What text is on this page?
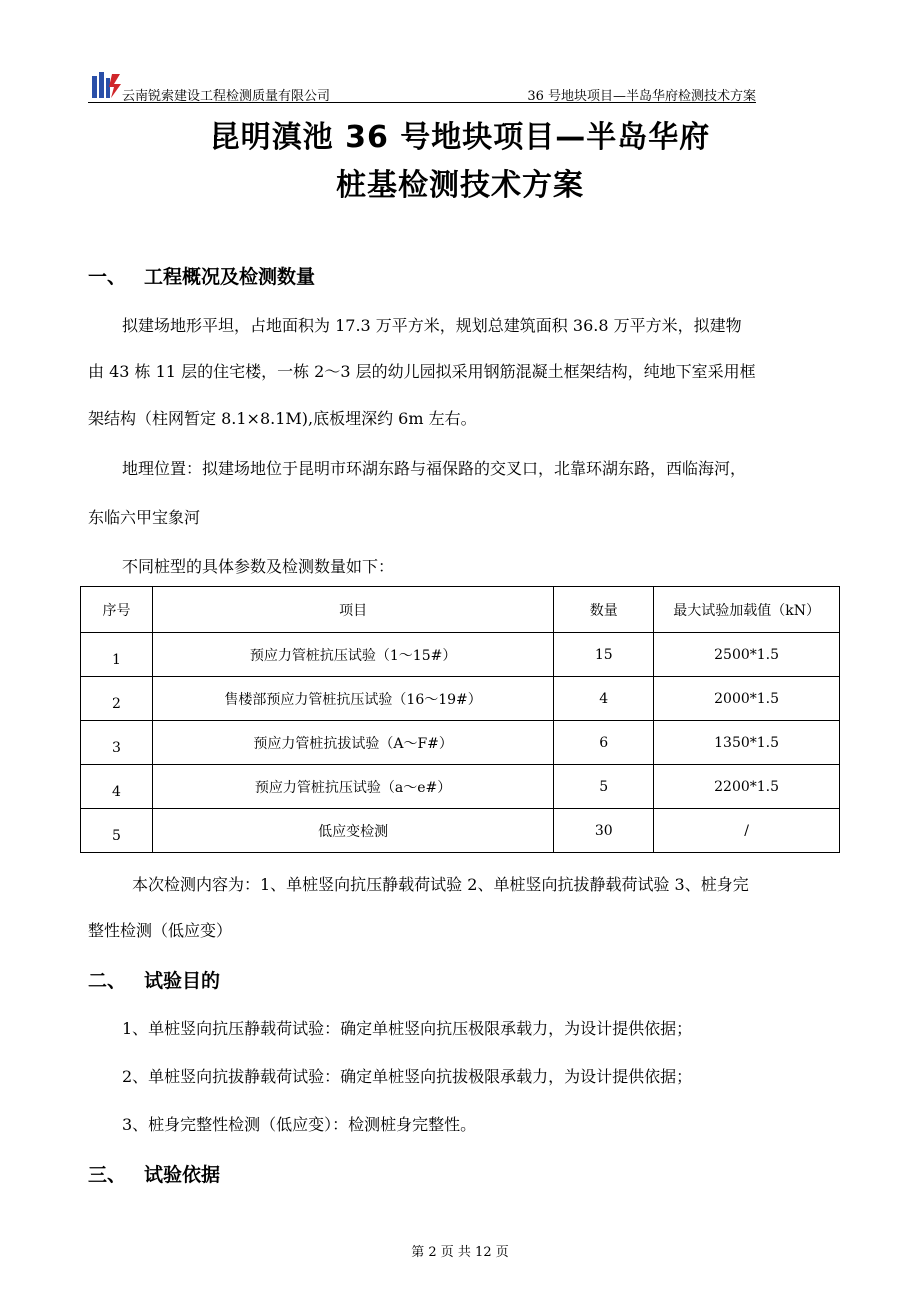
云南锐索建设工程检测质量有限公司	36 号地块项目—半岛华府检测技术方案
昆明滇池 36 号地块项目—半岛华府
桩基检测技术方案
一、 工程概况及检测数量
拟建场地形平坦，占地面积为 17.3 万平方米，规划总建筑面积 36.8 万平方米，拟建物
由 43 栋 11 层的住宅楼，一栋 2～3 层的幼儿园拟采用钢筋混凝土框架结构，纯地下室采用框
架结构（柱网暂定 8.1×8.1M),底板埋深约 6m 左右。
地理位置：拟建场地位于昆明市环湖东路与福保路的交叉口，北靠环湖东路，西临海河，
东临六甲宝象河
不同桩型的具体参数及检测数量如下：
序号	项目	数量	最大试验加载值（kN）
1	预应力管桩抗压试验（1～15#）	15	2500*1.5
2	售楼部预应力管桩抗压试验（16～19#）	4	2000*1.5
3	预应力管桩抗拔试验（A～F#）	6	1350*1.5
4	预应力管桩抗压试验（a～e#）	5	2200*1.5
5	低应变检测	30	/
本次检测内容为：1、单桩竖向抗压静载荷试验 2、单桩竖向抗拔静载荷试验 3、桩身完
整性检测（低应变）
二、 试验目的
1、单桩竖向抗压静载荷试验：确定单桩竖向抗压极限承载力，为设计提供依据；
2、单桩竖向抗拔静载荷试验：确定单桩竖向抗拔极限承载力，为设计提供依据；
3、桩身完整性检测（低应变）：检测桩身完整性。
三、 试验依据
第 2 页 共 12 页
